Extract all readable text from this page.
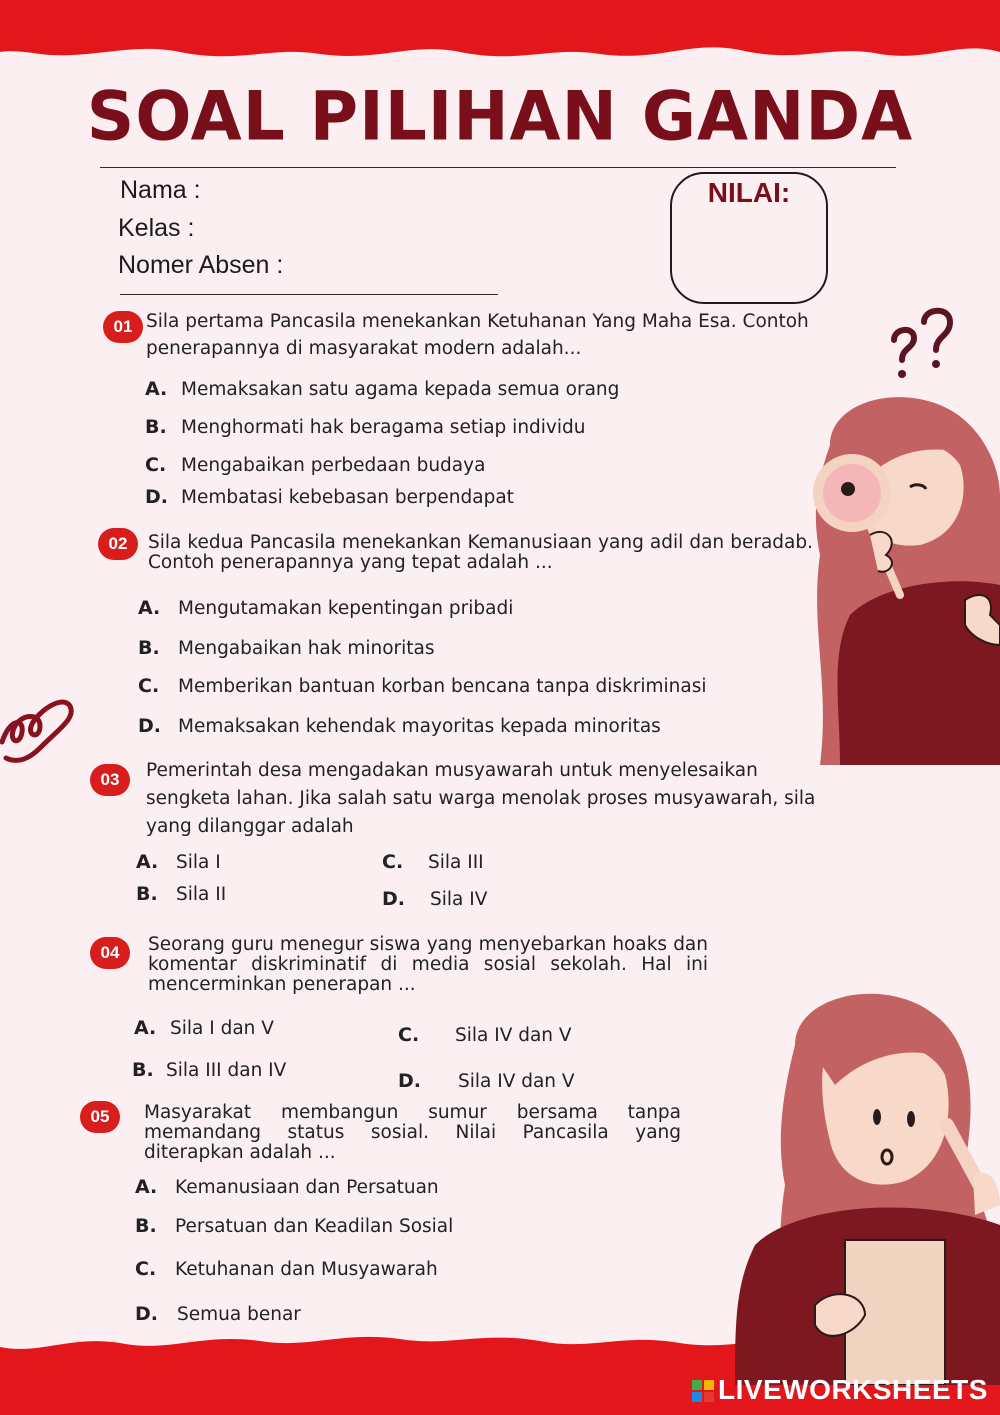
SOAL PILIHAN GANDA
Nama :
Kelas :
Nomer Absen :
NILAI:
01 Sila pertama Pancasila menekankan Ketuhanan Yang Maha Esa. Contoh penerapannya di masyarakat modern adalah...
A. Memaksakan satu agama kepada semua orang
B. Menghormati hak beragama setiap individu
C. Mengabaikan perbedaan budaya
D. Membatasi kebebasan berpendapat
02	Sila kedua Pancasila menekankan Kemanusiaan yang adil dan beradab. Contoh penerapannya yang tepat adalah ...
A. Mengutamakan kepentingan pribadi
B. Mengabaikan hak minoritas
C. Memberikan bantuan korban bencana tanpa diskriminasi
D. Memaksakan kehendak mayoritas kepada minoritas
03	Pemerintah desa mengadakan musyawarah untuk menyelesaikan sengketa lahan. Jika salah satu warga menolak proses musyawarah, sila yang dilanggar adalah
A. Sila I
B. Sila II
C. Sila III
D. Sila IV
04	Seorang guru menegur siswa yang menyebarkan hoaks dan komentar diskriminatif di media sosial sekolah. Hal ini mencerminkan penerapan ...
A. Sila I dan V
B. Sila III dan IV
C. Sila IV dan V
D. Sila IV dan V
05	Masyarakat membangun sumur bersama tanpa memandang status sosial. Nilai Pancasila yang diterapkan adalah ...
A. Kemanusiaan dan Persatuan
B. Persatuan dan Keadilan Sosial
C. Ketuhanan dan Musyawarah
D. Semua benar
LIVEWORKSHEETS
